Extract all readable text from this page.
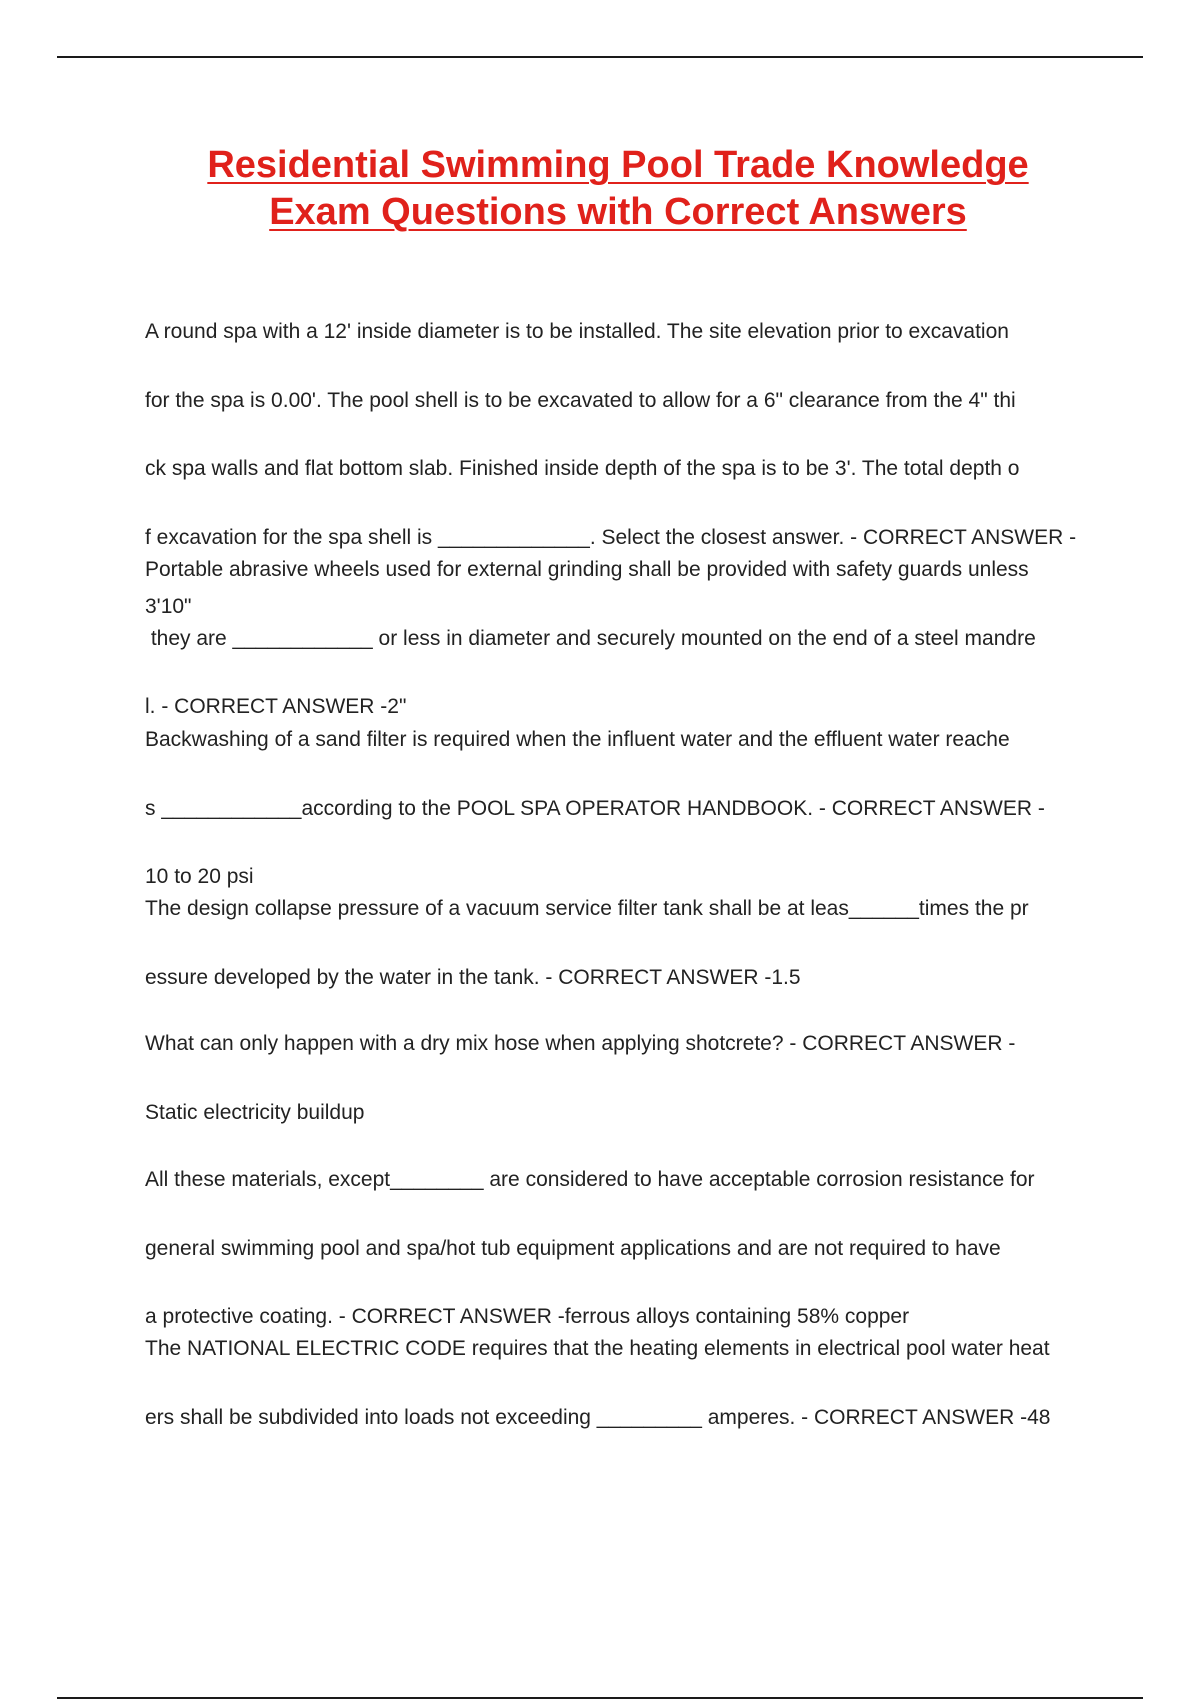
Residential Swimming Pool Trade Knowledge
Exam Questions with Correct Answers

A round spa with a 12' inside diameter is to be installed. The site elevation prior to excavation

for the spa is 0.00'. The pool shell is to be excavated to allow for a 6" clearance from the 4" thi

ck spa walls and flat bottom slab. Finished inside depth of the spa is to be 3'. The total depth o

f excavation for the spa shell is _____________. Select the closest answer. - CORRECT ANSWER -

3'10"

Portable abrasive wheels used for external grinding shall be provided with safety guards unless

they are ____________ or less in diameter and securely mounted on the end of a steel mandre

l. - CORRECT ANSWER -2"

Backwashing of a sand filter is required when the influent water and the effluent water reache

s ____________according to the POOL SPA OPERATOR HANDBOOK. - CORRECT ANSWER -

10 to 20 psi

The design collapse pressure of a vacuum service filter tank shall be at leas______times the pr

essure developed by the water in the tank. - CORRECT ANSWER -1.5

What can only happen with a dry mix hose when applying shotcrete? - CORRECT ANSWER -

Static electricity buildup

All these materials, except________ are considered to have acceptable corrosion resistance for

general swimming pool and spa/hot tub equipment applications and are not required to have

a protective coating. - CORRECT ANSWER -ferrous alloys containing 58% copper

The NATIONAL ELECTRIC CODE requires that the heating elements in electrical pool water heat

ers shall be subdivided into loads not exceeding _________ amperes. - CORRECT ANSWER -48
